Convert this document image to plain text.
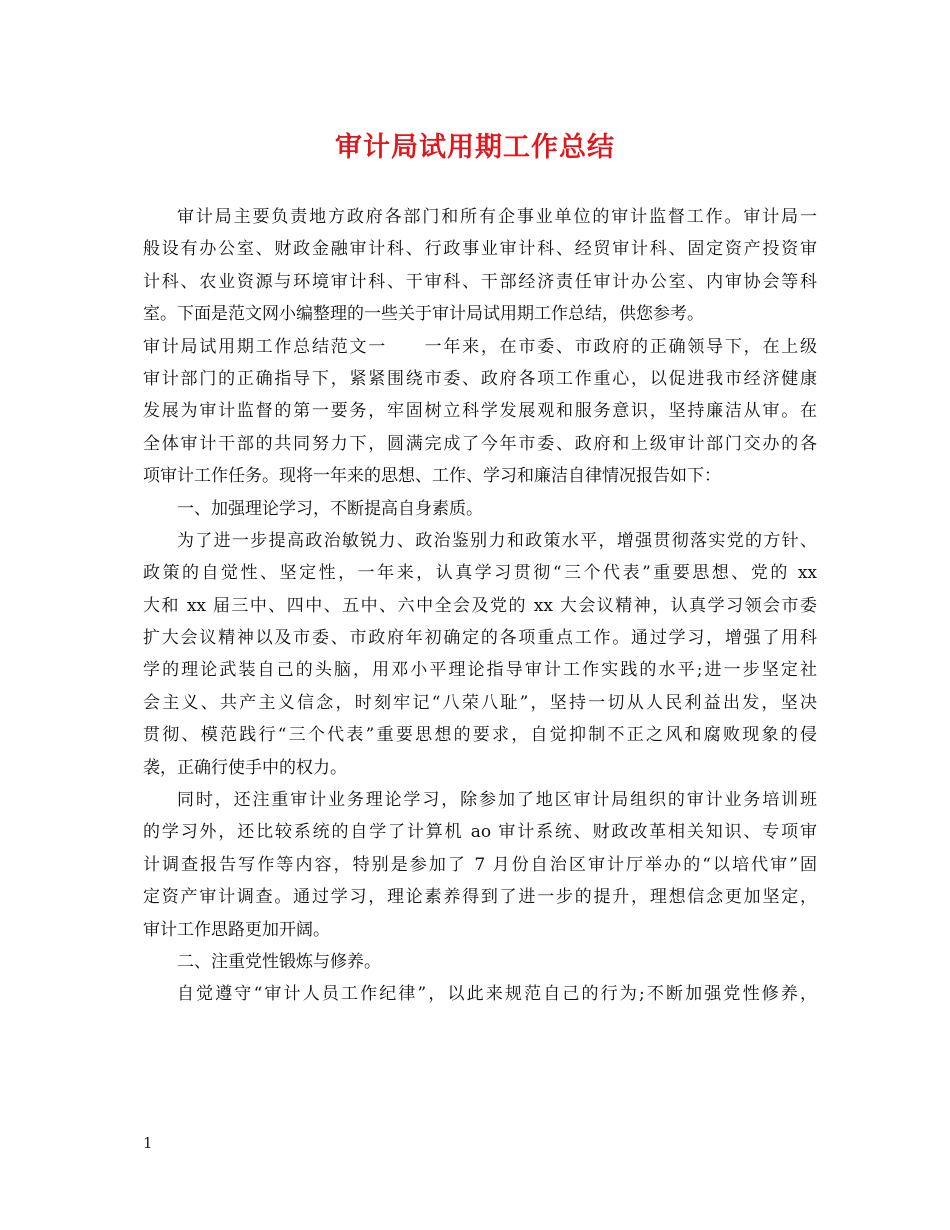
审计局试用期工作总结
审计局主要负责地方政府各部门和所有企事业单位的审计监督工作。审计局一
般设有办公室、财政金融审计科、行政事业审计科、经贸审计科、固定资产投资审
计科、农业资源与环境审计科、干审科、干部经济责任审计办公室、内审协会等科
室。下面是范文网小编整理的一些关于审计局试用期工作总结，供您参考。
审计局试用期工作总结范文一　　一年来，在市委、市政府的正确领导下，在上级
审计部门的正确指导下，紧紧围绕市委、政府各项工作重心，以促进我市经济健康
发展为审计监督的第一要务，牢固树立科学发展观和服务意识，坚持廉洁从审。在
全体审计干部的共同努力下，圆满完成了今年市委、政府和上级审计部门交办的各
项审计工作任务。现将一年来的思想、工作、学习和廉洁自律情况报告如下：
一、加强理论学习，不断提高自身素质。
为了进一步提高政治敏锐力、政治鉴别力和政策水平，增强贯彻落实党的方针、
政策的自觉性、坚定性，一年来，认真学习贯彻“三个代表”重要思想、党的 xx
大和 xx 届三中、四中、五中、六中全会及党的 xx 大会议精神，认真学习领会市委
扩大会议精神以及市委、市政府年初确定的各项重点工作。通过学习，增强了用科
学的理论武装自己的头脑，用邓小平理论指导审计工作实践的水平;进一步坚定社
会主义、共产主义信念，时刻牢记“八荣八耻”，坚持一切从人民利益出发，坚决
贯彻、模范践行“三个代表”重要思想的要求，自觉抑制不正之风和腐败现象的侵
袭，正确行使手中的权力。
同时，还注重审计业务理论学习，除参加了地区审计局组织的审计业务培训班
的学习外，还比较系统的自学了计算机 ao 审计系统、财政改革相关知识、专项审
计调查报告写作等内容，特别是参加了 7 月份自治区审计厅举办的“以培代审”固
定资产审计调查。通过学习，理论素养得到了进一步的提升，理想信念更加坚定，
审计工作思路更加开阔。
二、注重党性锻炼与修养。
自觉遵守“审计人员工作纪律”，以此来规范自己的行为;不断加强党性修养，
1
